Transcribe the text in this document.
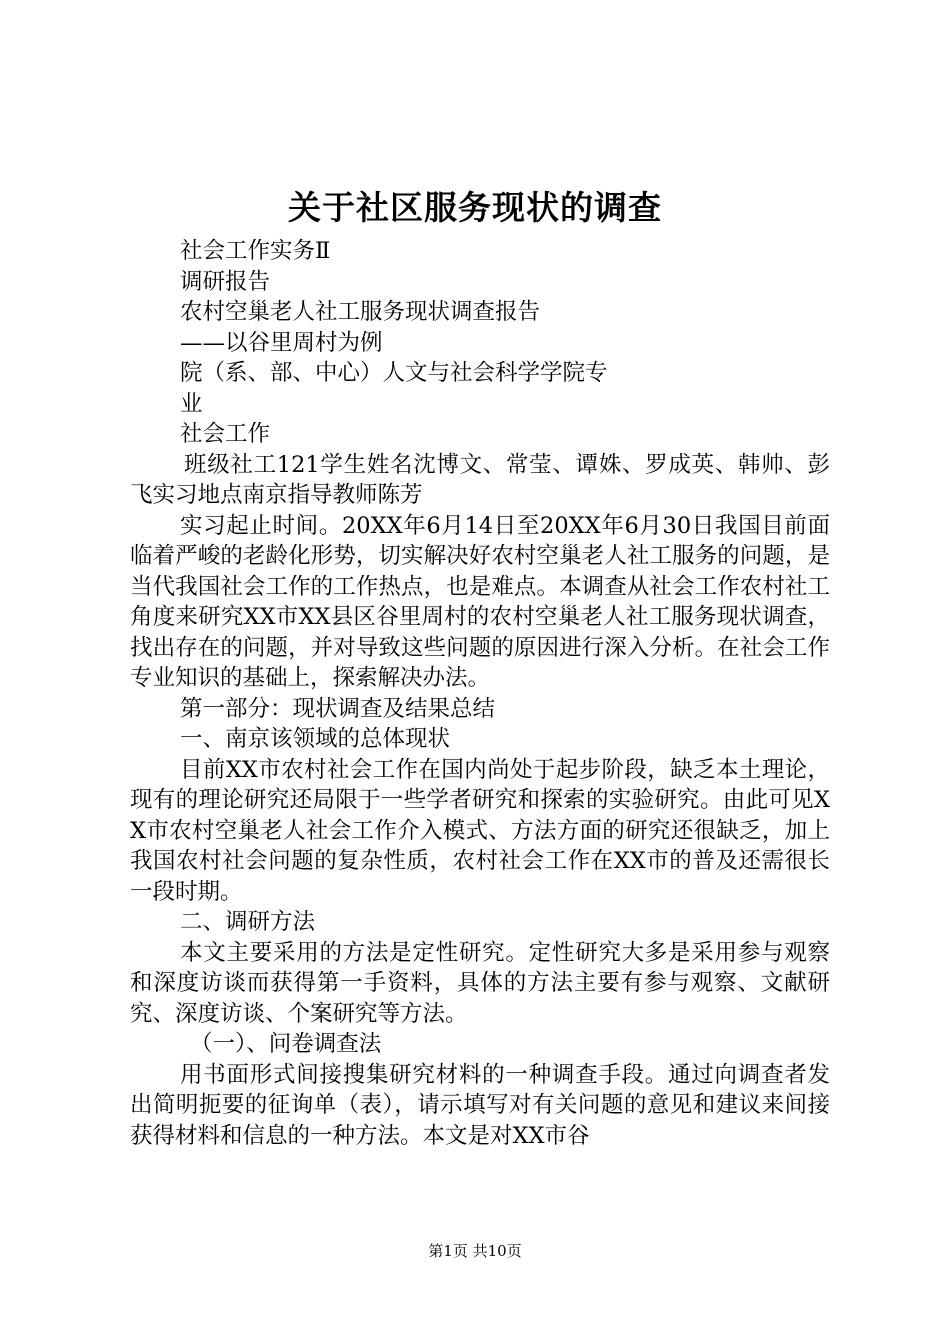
关于社区服务现状的调查

社会工作实务Ⅱ

调研报告

农村空巢老人社工服务现状调查报告

——以谷里周村为例

院（系、部、中心）人文与社会科学学院专

业

社会工作

班级社工121学生姓名沈博文、常莹、谭姝、罗成英、韩帅、彭飞实习地点南京指导教师陈芳

实习起止时间。20XX年6月14日至20XX年6月30日我国目前面临着严峻的老龄化形势，切实解决好农村空巢老人社工服务的问题，是当代我国社会工作的工作热点，也是难点。本调查从社会工作农村社工角度来研究XX市XX县区谷里周村的农村空巢老人社工服务现状调查，找出存在的问题，并对导致这些问题的原因进行深入分析。在社会工作专业知识的基础上，探索解决办法。

第一部分：现状调查及结果总结

一、南京该领域的总体现状

目前XX市农村社会工作在国内尚处于起步阶段，缺乏本土理论，现有的理论研究还局限于一些学者研究和探索的实验研究。由此可见XX市农村空巢老人社会工作介入模式、方法方面的研究还很缺乏，加上我国农村社会问题的复杂性质，农村社会工作在XX市的普及还需很长一段时期。

二、调研方法

本文主要采用的方法是定性研究。定性研究大多是采用参与观察和深度访谈而获得第一手资料，具体的方法主要有参与观察、文献研究、深度访谈、个案研究等方法。

（一）、问卷调查法

用书面形式间接搜集研究材料的一种调查手段。通过向调查者发出简明扼要的征询单（表），请示填写对有关问题的意见和建议来间接获得材料和信息的一种方法。本文是对XX市谷

第1页 共10页
